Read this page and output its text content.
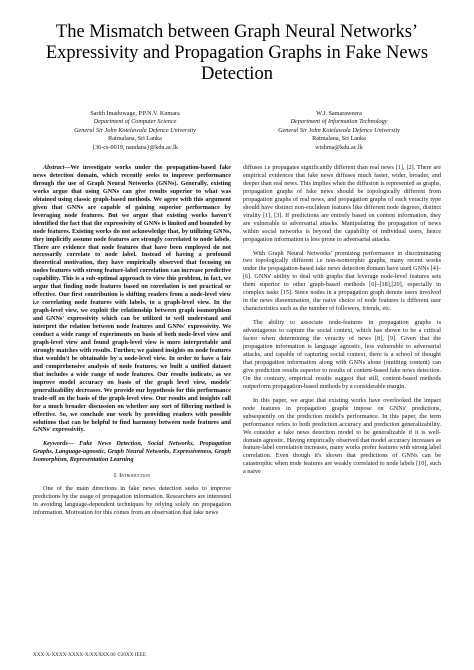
The Mismatch between Graph Neural Networks’ Expressivity and Propagation Graphs in Fake News Detection
Sarith Imaduwage, P.P.N.V. Kumara
Department of Computer Science
General Sir John Kotelawala Defence University
Ratmalana, Sri Lanka
{36-cs-0019, nandana}@kdu.ac.lk
W.J. Samaraweera
Department of Information Technology
General Sir John Kotelawala Defence University
Ratmalana, Sri Lanka
wishma@kdu.ac.lk
Abstract—We investigate works under the propagation-based fake news detection domain, which recently seeks to improve performance through the use of Graph Neural Networks (GNNs). Generally, existing works argue that using GNNs can give results superior to what was obtained using classic graph-based methods. We agree with this argument given that GNNs are capable of gaining superior performance by leveraging node features. But we argue that existing works haven't identified the fact that the expressivity of GNNs is limited and bounded by node features. Existing works do not acknowledge that, by utilizing GNNs, they implicitly assume node features are strongly correlated to node labels. There are evidence that node features that have been employed do not necessarily correlate to node label. Instead of having a profound theoretical motivation, they have empirically observed that focusing on nodes features with strong feature-label correlation can increase predictive capability. This is a sub-optimal approach to view this problem, in fact, we argue that finding node features based on correlation is not practical or effective. Our first contribution is shifting readers from a node-level view i.e correlating node features with labels, to a graph-level view. In the graph-level view, we exploit the relationship between graph isomorphism and GNNs' expressivity which can be utilized to well understand and interpret the relation between node features and GNNs' expressivity. We conduct a wide range of experiments on basis of both node-level view and graph-level view and found graph-level view is more interpretable and strongly matches with results. Further, we gained insights on node features that wouldn't be obtainable by a node-level view. In order to have a fair and comprehensive analysis of node features, we built a unified dataset that includes a wide range of node features. Our results indicate, as we improve model accuracy on basis of the graph level view, models' generalizability decreases. We provide our hypothesis for this performance trade-off on the basis of the graph-level view. Our results and insights call for a much broader discussion on whether any sort of filtering method is effective. So, we conclude our work by providing readers with possible solutions that can be helpful to find harmony between node features and GNNs' expressivity.
Keywords— Fake News Detection, Social Networks, Propagation Graphs, Language-agnostic, Graph Neural Networks, Expressiveness, Graph Isomorphism, Representation Learning
I. Introduction

One of the main directions in fake news detection seeks to improve predictions by the usage of propagation information. Researchers are interested in avoiding language-dependent techniques by relying solely on propagation information. Motivation for this comes from an observation that fake news

diffuses i.e propagates significantly different than real news [1], [2]. There are empirical evidences that fake news diffuses much faster, wider, broader, and deeper than real news. This implies when the diffusion is represented as graphs, propagation graphs of fake news should be topologically different from propagation graphs of real news, and propagation graphs of each veracity type should have distinct non-euclidean features like different node degrees, distinct virality [1], [3]. If predictions are entirely based on content information, they are vulnerable to adversarial attacks. Manipulating the propagation of news within social networks is beyond the capability of individual users, hence propagation information is less prone to adversarial attacks.

With Graph Neural Networks' promising performance in discriminating two topologically different i.e non-isomorphic graphs, many recent works under the propagation-based fake news detection domain have used GNNs [4]–[6]. GNNs' ability to deal with graphs that leverage node-level features sets them superior to other graph-based methods [6]–[18],[20], especially in complex tasks [15]. Since nodes in a propagation graph denote users involved in the news dissemination, the naive choice of node features is different user characteristics such as the number of followers, friends, etc.

The ability to associate node-features in propagation graphs is advantageous to capture the social context, which has shown to be a critical factor when determining the veracity of news [8], [9]. Given that the propagation information is language agnostic, less vulnerable to adversarial attacks, and capable of capturing social context, there is a school of thought that propagation information along with GNNs alone (omitting content) can give prediction results superior to results of content-based fake news detection. On the contrary, empirical results suggest that still, content-based methods outperform propagation-based methods by a considerable margin.

In this paper, we argue that existing works have overlooked the impact node features in propagation graphs impose on GNNs' predictions, subsequently on the prediction model's performance. In this paper, the term performance refers to both prediction accuracy and prediction generalizability. We consider a fake news detection model to be generalizable if it is well-domain agnostic. Having empirically observed that model accuracy increases as feature-label correlation increases, many works prefer features with strong label correlation. Even though it's shown that predictions of GNNs can be catastrophic when node features are weakly correlated to node labels [10], such a naive

XXX-X-XXXX-XXXX-X/XX/$XX.00 ©20XX IEEE
